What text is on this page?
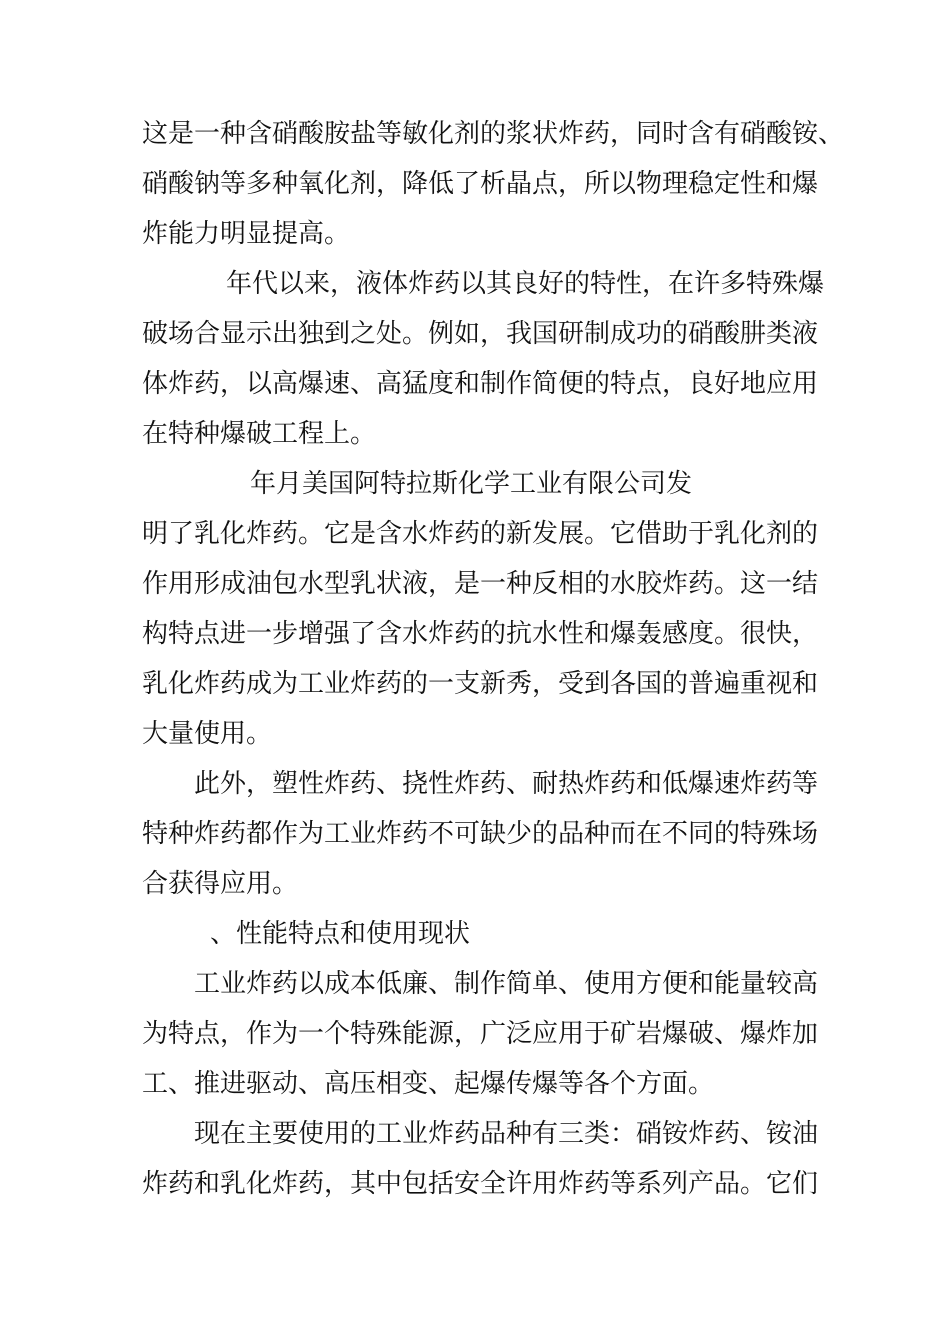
这是一种含硝酸胺盐等敏化剂的浆状炸药，同时含有硝酸铵、
硝酸钠等多种氧化剂，降低了析晶点，所以物理稳定性和爆
炸能力明显提高。
年代以来，液体炸药以其良好的特性，在许多特殊爆
破场合显示出独到之处。例如，我国研制成功的硝酸肼类液
体炸药，以高爆速、高猛度和制作简便的特点，良好地应用
在特种爆破工程上。
年月美国阿特拉斯化学工业有限公司发
明了乳化炸药。它是含水炸药的新发展。它借助于乳化剂的
作用形成油包水型乳状液，是一种反相的水胶炸药。这一结
构特点进一步增强了含水炸药的抗水性和爆轰感度。很快，
乳化炸药成为工业炸药的一支新秀，受到各国的普遍重视和
大量使用。
此外，塑性炸药、挠性炸药、耐热炸药和低爆速炸药等
特种炸药都作为工业炸药不可缺少的品种而在不同的特殊场
合获得应用。
、性能特点和使用现状
工业炸药以成本低廉、制作简单、使用方便和能量较高
为特点，作为一个特殊能源，广泛应用于矿岩爆破、爆炸加
工、推进驱动、高压相变、起爆传爆等各个方面。
现在主要使用的工业炸药品种有三类：硝铵炸药、铵油
炸药和乳化炸药，其中包括安全许用炸药等系列产品。它们
